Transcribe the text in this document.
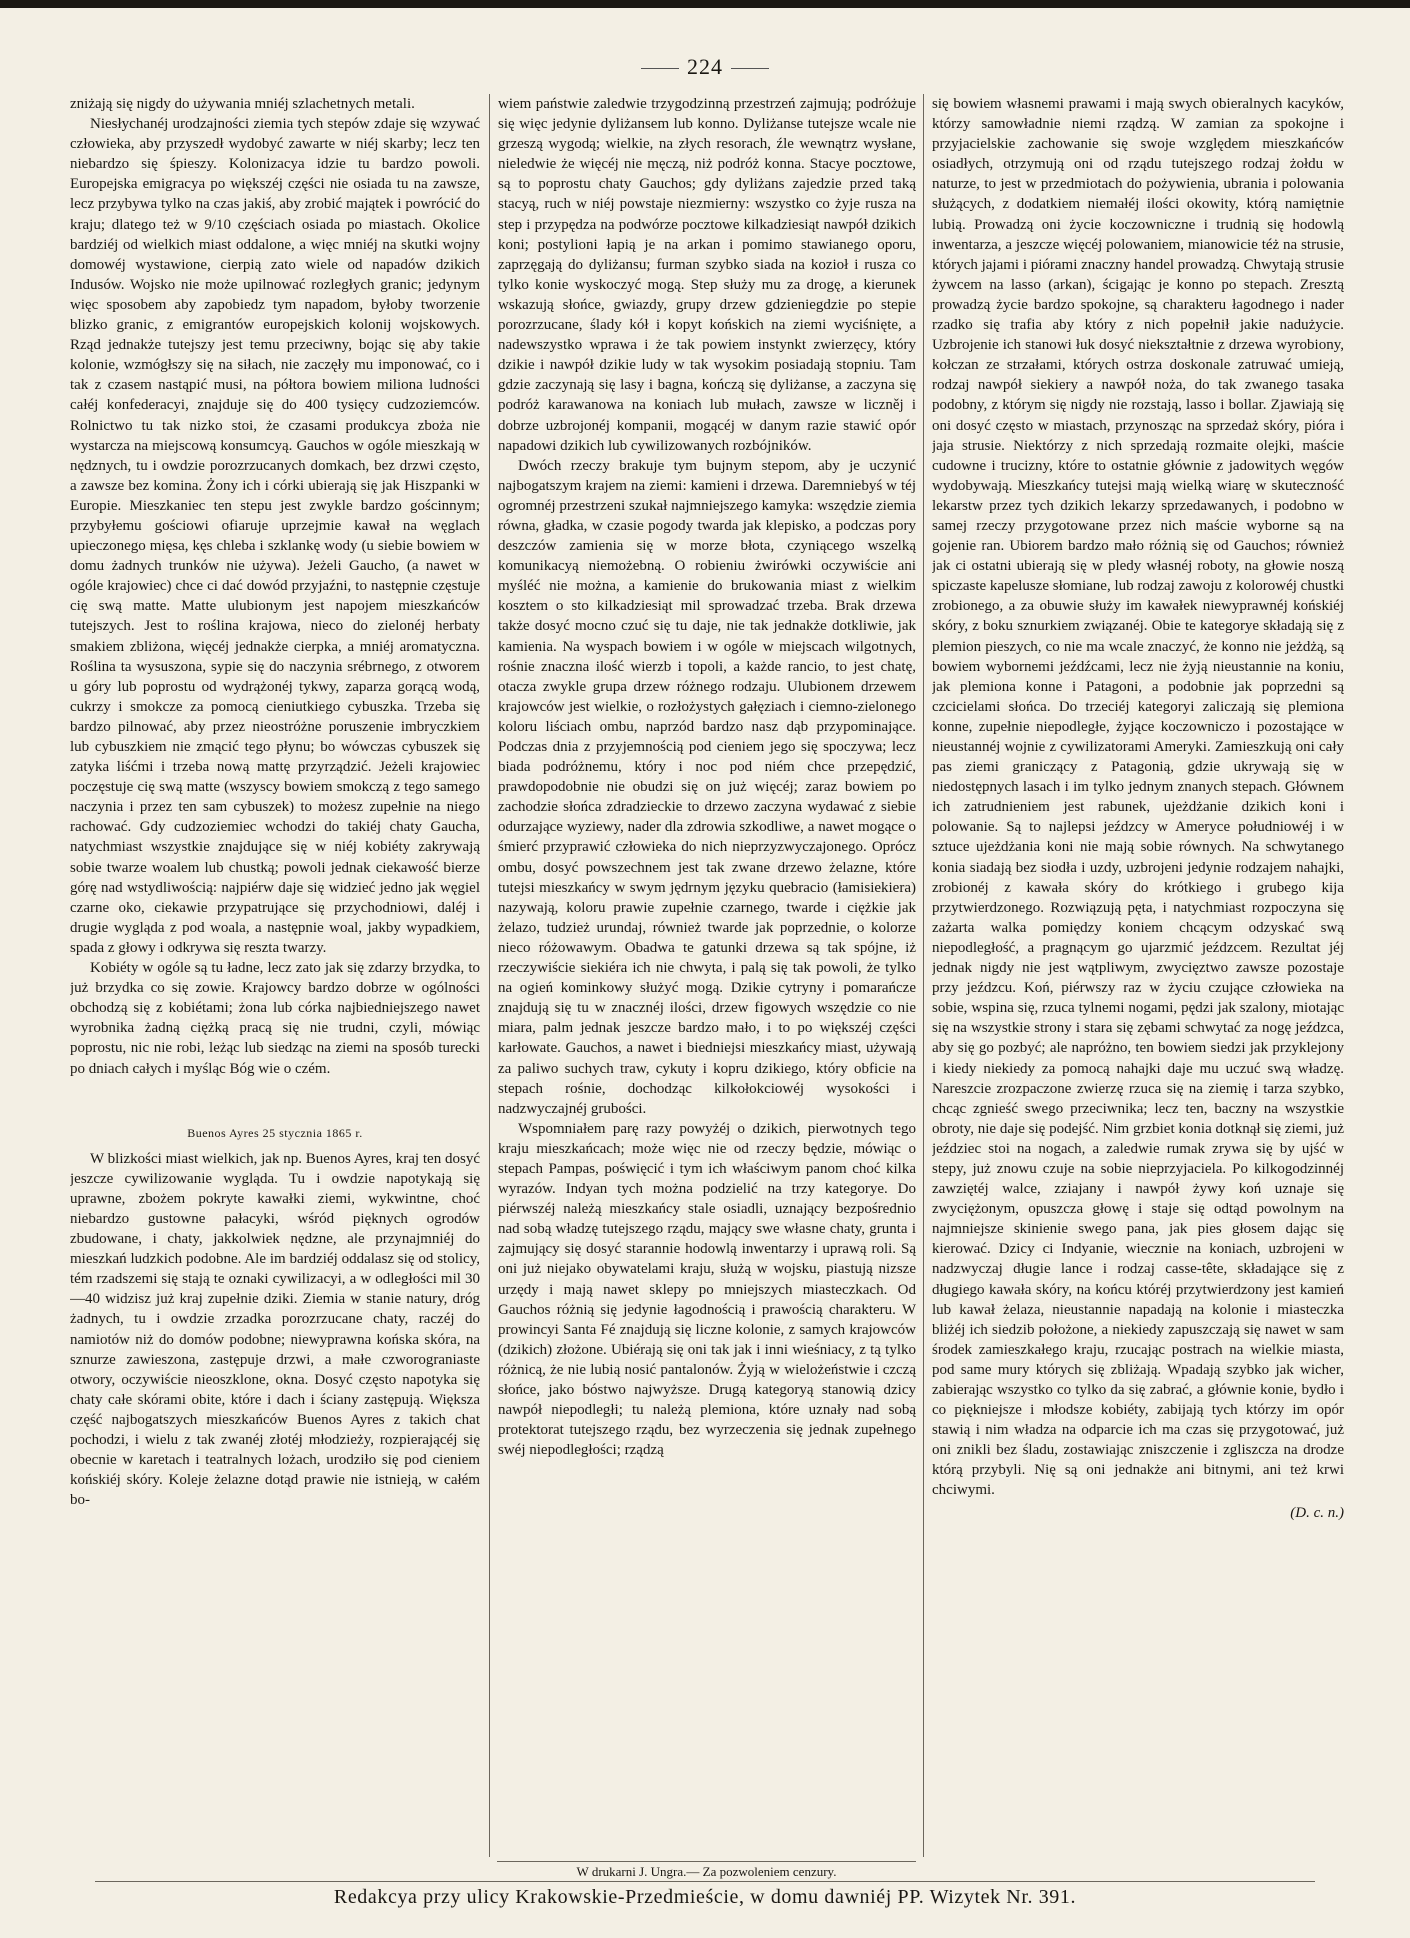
224

zniżają się nigdy do używania mniéj szlachetnych metali.

Niesłychanéj urodzajności ziemia tych stepów zdaje się wzywać człowieka, aby przyszedł wydobyć zawarte w niéj skarby; lecz ten niebardzo się śpieszy. Kolonizacya idzie tu bardzo powoli. Europejska emigracya po większéj części nie osiada tu na zawsze, lecz przybywa tylko na czas jakiś, aby zrobić majątek i powrócić do kraju; dlatego też w 9/10 częściach osiada po miastach. Okolice bardziéj od wielkich miast oddalone, a więc mniéj na skutki wojny domowéj wystawione, cierpią zato wiele od napadów dzikich Indusów. Wojsko nie może upilnować rozległych granic; jedynym więc sposobem aby zapobiedz tym napadom, byłoby tworzenie blizko granic, z emigrantów europejskich kolonij wojskowych. Rząd jednakże tutejszy jest temu przeciwny, bojąc się aby takie kolonie, wzmógłszy się na siłach, nie zaczęły mu imponować, co i tak z czasem nastąpić musi, na półtora bowiem miliona ludności całéj konfederacyi, znajduje się do 400 tysięcy cudzoziemców. Rolnictwo tu tak nizko stoi, że czasami produkcya zboża nie wystarcza na miejscową konsumcyą. Gauchos w ogóle mieszkają w nędznych, tu i owdzie porozrzucanych domkach, bez drzwi często, a zawsze bez komina. Żony ich i córki ubierają się jak Hiszpanki w Europie. Mieszkaniec ten stepu jest zwykle bardzo gościnnym; przybyłemu gościowi ofiaruje uprzejmie kawał na węglach upieczonego mięsa, kęs chleba i szklankę wody (u siebie bowiem w domu żadnych trunków nie używa). Jeżeli Gaucho, (a nawet w ogóle krajowiec) chce ci dać dowód przyjaźni, to następnie częstuje cię swą matte. Matte ulubionym jest napojem mieszkańców tutejszych. Jest to roślina krajowa, nieco do zielonéj herbaty smakiem zbliżona, więcéj jednakże cierpka, a mniéj aromatyczna. Roślina ta wysuszona, sypie się do naczynia srébrnego, z otworem u góry lub poprostu od wydrążonéj tykwy, zaparza gorącą wodą, cukrzy i smokcze za pomocą cieniutkiego cybuszka. Trzeba się bardzo pilnować, aby przez nieostróżne poruszenie imbryczkiem lub cybuszkiem nie zmącić tego płynu; bo wówczas cybuszek się zatyka liśćmi i trzeba nową mattę przyrządzić. Jeżeli krajowiec poczęstuje cię swą matte (wszyscy bowiem smokczą z tego samego naczynia i przez ten sam cybuszek) to możesz zupełnie na niego rachować. Gdy cudzoziemiec wchodzi do takiéj chaty Gaucha, natychmiast wszystkie znajdujące się w niéj kobiéty zakrywają sobie twarze woalem lub chustką; powoli jednak ciekawość bierze górę nad wstydliwością: najpiérw daje się widzieć jedno jak węgiel czarne oko, ciekawie przypatrujące się przychodniowi, daléj i drugie wygląda z pod woala, a następnie woal, jakby wypadkiem, spada z głowy i odkrywa się reszta twarzy.

Kobiéty w ogóle są tu ładne, lecz zato jak się zdarzy brzydka, to już brzydka co się zowie. Krajowcy bardzo dobrze w ogólności obchodzą się z kobiétami; żona lub córka najbiedniejszego nawet wyrobnika żadną ciężką pracą się nie trudni, czyli, mówiąc poprostu, nic nie robi, leżąc lub siedząc na ziemi na sposób turecki po dniach całych i myśląc Bóg wie o czém.

Buenos Ayres 25 stycznia 1865 r.

W blizkości miast wielkich, jak np. Buenos Ayres, kraj ten dosyć jeszcze cywilizowanie wygląda. Tu i owdzie napotykają się uprawne, zbożem pokryte kawałki ziemi, wykwintne, choć niebardzo gustowne pałacyki, wśród pięknych ogrodów zbudowane, i chaty, jakkolwiek nędzne, ale przynajmniéj do mieszkań ludzkich podobne. Ale im bardziéj oddalasz się od stolicy, tém rzadszemi się stają te oznaki cywilizacyi, a w odległości mil 30—40 widzisz już kraj zupełnie dziki. Ziemia w stanie natury, dróg żadnych, tu i owdzie zrzadka porozrzucane chaty, raczéj do namiotów niż do domów podobne; niewyprawna końska skóra, na sznurze zawieszona, zastępuje drzwi, a małe czworograniaste otwory, oczywiście nieoszklone, okna. Dosyć często napotyka się chaty całe skórami obite, które i dach i ściany zastępują. Większa część najbogatszych mieszkańców Buenos Ayres z takich chat pochodzi, i wielu z tak zwanéj złotéj młodzieży, rozpierającéj się obecnie w karetach i teatralnych lożach, urodziło się pod cieniem końskiéj skóry. Koleje żelazne dotąd prawie nie istnieją, w całém bo-

wiem państwie zaledwie trzygodzinną przestrzeń zajmują; podróżuje się więc jedynie dyliżansem lub konno. Dyliżanse tutejsze wcale nie grzeszą wygodą; wielkie, na złych resorach, źle wewnątrz wysłane, nieledwie że więcéj nie męczą, niż podróż konna. Stacye pocztowe, są to poprostu chaty Gauchos; gdy dyliżans zajedzie przed taką stacyą, ruch w niéj powstaje niezmierny: wszystko co żyje rusza na step i przypędza na podwórze pocztowe kilkadziesiąt nawpół dzikich koni; postylioni łapią je na arkan i pomimo stawianego oporu, zaprzęgają do dyliżansu; furman szybko siada na kozioł i rusza co tylko konie wyskoczyć mogą. Step służy mu za drogę, a kierunek wskazują słońce, gwiazdy, grupy drzew gdzieniegdzie po stepie porozrzucane, ślady kół i kopyt końskich na ziemi wyciśnięte, a nadewszystko wprawa i że tak powiem instynkt zwierzęcy, który dzikie i nawpół dzikie ludy w tak wysokim posiadają stopniu. Tam gdzie zaczynają się lasy i bagna, kończą się dyliżanse, a zaczyna się podróż karawanowa na koniach lub mułach, zawsze w liczněj i dobrze uzbrojonéj kompanii, mogącéj w danym razie stawić opór napadowi dzikich lub cywilizowanych rozbójników.

Dwóch rzeczy brakuje tym bujnym stepom, aby je uczynić najbogatszym krajem na ziemi: kamieni i drzewa. Daremniebyś w téj ogromnéj przestrzeni szukał najmniejszego kamyka: wszędzie ziemia równa, gładka, w czasie pogody twarda jak klepisko, a podczas pory deszczów zamienia się w morze błota, czyniącego wszelką komunikacyą niemożebną. O robieniu żwirówki oczywiście ani myśléć nie można, a kamienie do brukowania miast z wielkim kosztem o sto kilkadziesiąt mil sprowadzać trzeba. Brak drzewa także dosyć mocno czuć się tu daje, nie tak jednakże dotkliwie, jak kamienia. Na wyspach bowiem i w ogóle w miejscach wilgotnych, rośnie znaczna ilość wierzb i topoli, a każde rancio, to jest chatę, otacza zwykle grupa drzew różnego rodzaju. Ulubionem drzewem krajowców jest wielkie, o rozłożystych gałęziach i ciemno-zielonego koloru liściach ombu, naprzód bardzo nasz dąb przypominające. Podczas dnia z przyjemnością pod cieniem jego się spoczywa; lecz biada podróżnemu, który i noc pod niém chce przepędzić, prawdopodobnie nie obudzi się on już więcéj; zaraz bowiem po zachodzie słońca zdradzieckie to drzewo zaczyna wydawać z siebie odurzające wyziewy, nader dla zdrowia szkodliwe, a nawet mogące o śmierć przyprawić człowieka do nich nieprzyzwyczajonego. Oprócz ombu, dosyć powszechnem jest tak zwane drzewo żelazne, które tutejsi mieszkańcy w swym jędrnym języku quebracio (łamisiekiera) nazywają, koloru prawie zupełnie czarnego, twarde i ciężkie jak żelazo, tudzież urundaj, również twarde jak poprzednie, o kolorze nieco różowawym. Obadwa te gatunki drzewa są tak spójne, iż rzeczywiście siekiéra ich nie chwyta, i palą się tak powoli, że tylko na ogień kominkowy służyć mogą. Dzikie cytryny i pomarańcze znajdują się tu w znacznéj ilości, drzew figowych wszędzie co nie miara, palm jednak jeszcze bardzo mało, i to po większéj części karłowate. Gauchos, a nawet i biedniejsi mieszkańcy miast, używają za paliwo suchych traw, cykuty i kopru dzikiego, który obficie na stepach rośnie, dochodząc kilkołokciowéj wysokości i nadzwyczajnéj grubości.

Wspomniałem parę razy powyżéj o dzikich, pierwotnych tego kraju mieszkańcach; może więc nie od rzeczy będzie, mówiąc o stepach Pampas, poświęcić i tym ich właściwym panom choć kilka wyrazów. Indyan tych można podzielić na trzy kategorye. Do piérwszéj należą mieszkańcy stale osiadli, uznający bezpośrednio nad sobą władzę tutejszego rządu, mający swe własne chaty, grunta i zajmujący się dosyć starannie hodowlą inwentarzy i uprawą roli. Są oni już niejako obywatelami kraju, służą w wojsku, piastują nizsze urzędy i mają nawet sklepy po mniejszych miasteczkach. Od Gauchos różnią się jedynie łagodnością i prawością charakteru. W prowincyi Santa Fé znajdują się liczne kolonie, z samych krajowców (dzikich) złożone. Ubiérają się oni tak jak i inni wieśniacy, z tą tylko różnicą, że nie lubią nosić pantalonów. Żyją w wielożeństwie i czczą słońce, jako bóstwo najwyższe. Drugą kategoryą stanowią dzicy nawpół niepodległi; tu należą plemiona, które uznały nad sobą protektorat tutejszego rządu, bez wyrzeczenia się jednak zupełnego swéj niepodległości; rządzą

się bowiem własnemi prawami i mają swych obieralnych kacyków, którzy samowładnie niemi rządzą. W zamian za spokojne i przyjacielskie zachowanie się swoje względem mieszkańców osiadłych, otrzymują oni od rządu tutejszego rodzaj żołdu w naturze, to jest w przedmiotach do pożywienia, ubrania i polowania służących, z dodatkiem niemałéj ilości okowity, którą namiętnie lubią. Prowadzą oni życie koczowniczne i trudnią się hodowlą inwentarza, a jeszcze więcéj polowaniem, mianowicie téż na strusie, których jajami i piórami znaczny handel prowadzą. Chwytają strusie żywcem na lasso (arkan), ścigając je konno po stepach. Zresztą prowadzą życie bardzo spokojne, są charakteru łagodnego i nader rzadko się trafia aby który z nich popełnił jakie nadużycie. Uzbrojenie ich stanowi łuk dosyć niekształtnie z drzewa wyrobiony, kołczan ze strzałami, których ostrza doskonale zatruwać umieją, rodzaj nawpół siekiery a nawpół noża, do tak zwanego tasaka podobny, z którym się nigdy nie rozstają, lasso i bollar. Zjawiają się oni dosyć często w miastach, przynosząc na sprzedaż skóry, pióra i jaja strusie. Niektórzy z nich sprzedają rozmaite olejki, maście cudowne i trucizny, które to ostatnie głównie z jadowitych węgów wydobywają. Mieszkańcy tutejsi mają wielką wiarę w skuteczność lekarstw przez tych dzikich lekarzy sprzedawanych, i podobno w samej rzeczy przygotowane przez nich maście wyborne są na gojenie ran. Ubiorem bardzo mało różnią się od Gauchos; również jak ci ostatni ubierają się w pledy własnéj roboty, na głowie noszą spiczaste kapelusze słomiane, lub rodzaj zawoju z kolorowéj chustki zrobionego, a za obuwie służy im kawałek niewyprawnéj końskiéj skóry, z boku sznurkiem związanéj. Obie te kategorye składają się z plemion pieszych, co nie ma wcale znaczyć, że konno nie jeżdżą, są bowiem wybornemi jeźdźcami, lecz nie żyją nieustannie na koniu, jak plemiona konne i Patagoni, a podobnie jak poprzedni są czcicielami słońca. Do trzeciéj kategoryi zaliczają się plemiona konne, zupełnie niepodległe, żyjące koczowniczo i pozostające w nieustannéj wojnie z cywilizatorami Ameryki. Zamieszkują oni cały pas ziemi graniczący z Patagonią, gdzie ukrywają się w niedostępnych lasach i im tylko jednym znanych stepach. Głównem ich zatrudnieniem jest rabunek, ujeżdżanie dzikich koni i polowanie. Są to najlepsi jeźdzcy w Ameryce południowéj i w sztuce ujeżdżania koni nie mają sobie równych. Na schwytanego konia siadają bez siodła i uzdy, uzbrojeni jedynie rodzajem nahajki, zrobionéj z kawała skóry do krótkiego i grubego kija przytwierdzonego. Rozwiązują pęta, i natychmiast rozpoczyna się zażarta walka pomiędzy koniem chcącym odzyskać swą niepodległość, a pragnącym go ujarzmić jeźdzcem. Rezultat jéj jednak nigdy nie jest wątpliwym, zwycięztwo zawsze pozostaje przy jeźdzcu. Koń, piérwszy raz w życiu czujące człowieka na sobie, wspina się, rzuca tylnemi nogami, pędzi jak szalony, miotając się na wszystkie strony i stara się zębami schwytać za nogę jeźdzca, aby się go pozbyć; ale napróżno, ten bowiem siedzi jak przyklejony i kiedy niekiedy za pomocą nahajki daje mu uczuć swą władzę. Nareszcie zrozpaczone zwierzę rzuca się na ziemię i tarza szybko, chcąc zgnieść swego przeciwnika; lecz ten, baczny na wszystkie obroty, nie daje się podejść. Nim grzbiet konia dotknął się ziemi, już jeździec stoi na nogach, a zaledwie rumak zrywa się by ujść w stepy, już znowu czuje na sobie nieprzyjaciela. Po kilkogodzinnéj zawziętéj walce, zziajany i nawpół żywy koń uznaje się zwyciężonym, opuszcza głowę i staje się odtąd powolnym na najmniejsze skinienie swego pana, jak pies głosem dając się kierować. Dzicy ci Indyanie, wiecznie na koniach, uzbrojeni w nadzwyczaj długie lance i rodzaj casse-tête, składające się z długiego kawała skóry, na końcu któréj przytwierdzony jest kamień lub kawał żelaza, nieustannie napadają na kolonie i miasteczka bliżéj ich siedzib położone, a niekiedy zapuszczają się nawet w sam środek zamieszkałego kraju, rzucając postrach na wielkie miasta, pod same mury których się zbliżają. Wpadają szybko jak wicher, zabierając wszystko co tylko da się zabrać, a głównie konie, bydło i co piękniejsze i młodsze kobiéty, zabijają tych którzy im opór stawią i nim władza na odparcie ich ma czas się przygotować, już oni znikli bez śladu, zostawiając zniszczenie i zgliszcza na drodze którą przybyli. Nię są oni jednakże ani bitnymi, ani też krwi chciwymi.

(D. c. n.)

W drukarni J. Ungra.— Za pozwoleniem cenzury.
Redakcya przy ulicy Krakowskie-Przedmieście, w domu dawniéj PP. Wizytek Nr. 391.
